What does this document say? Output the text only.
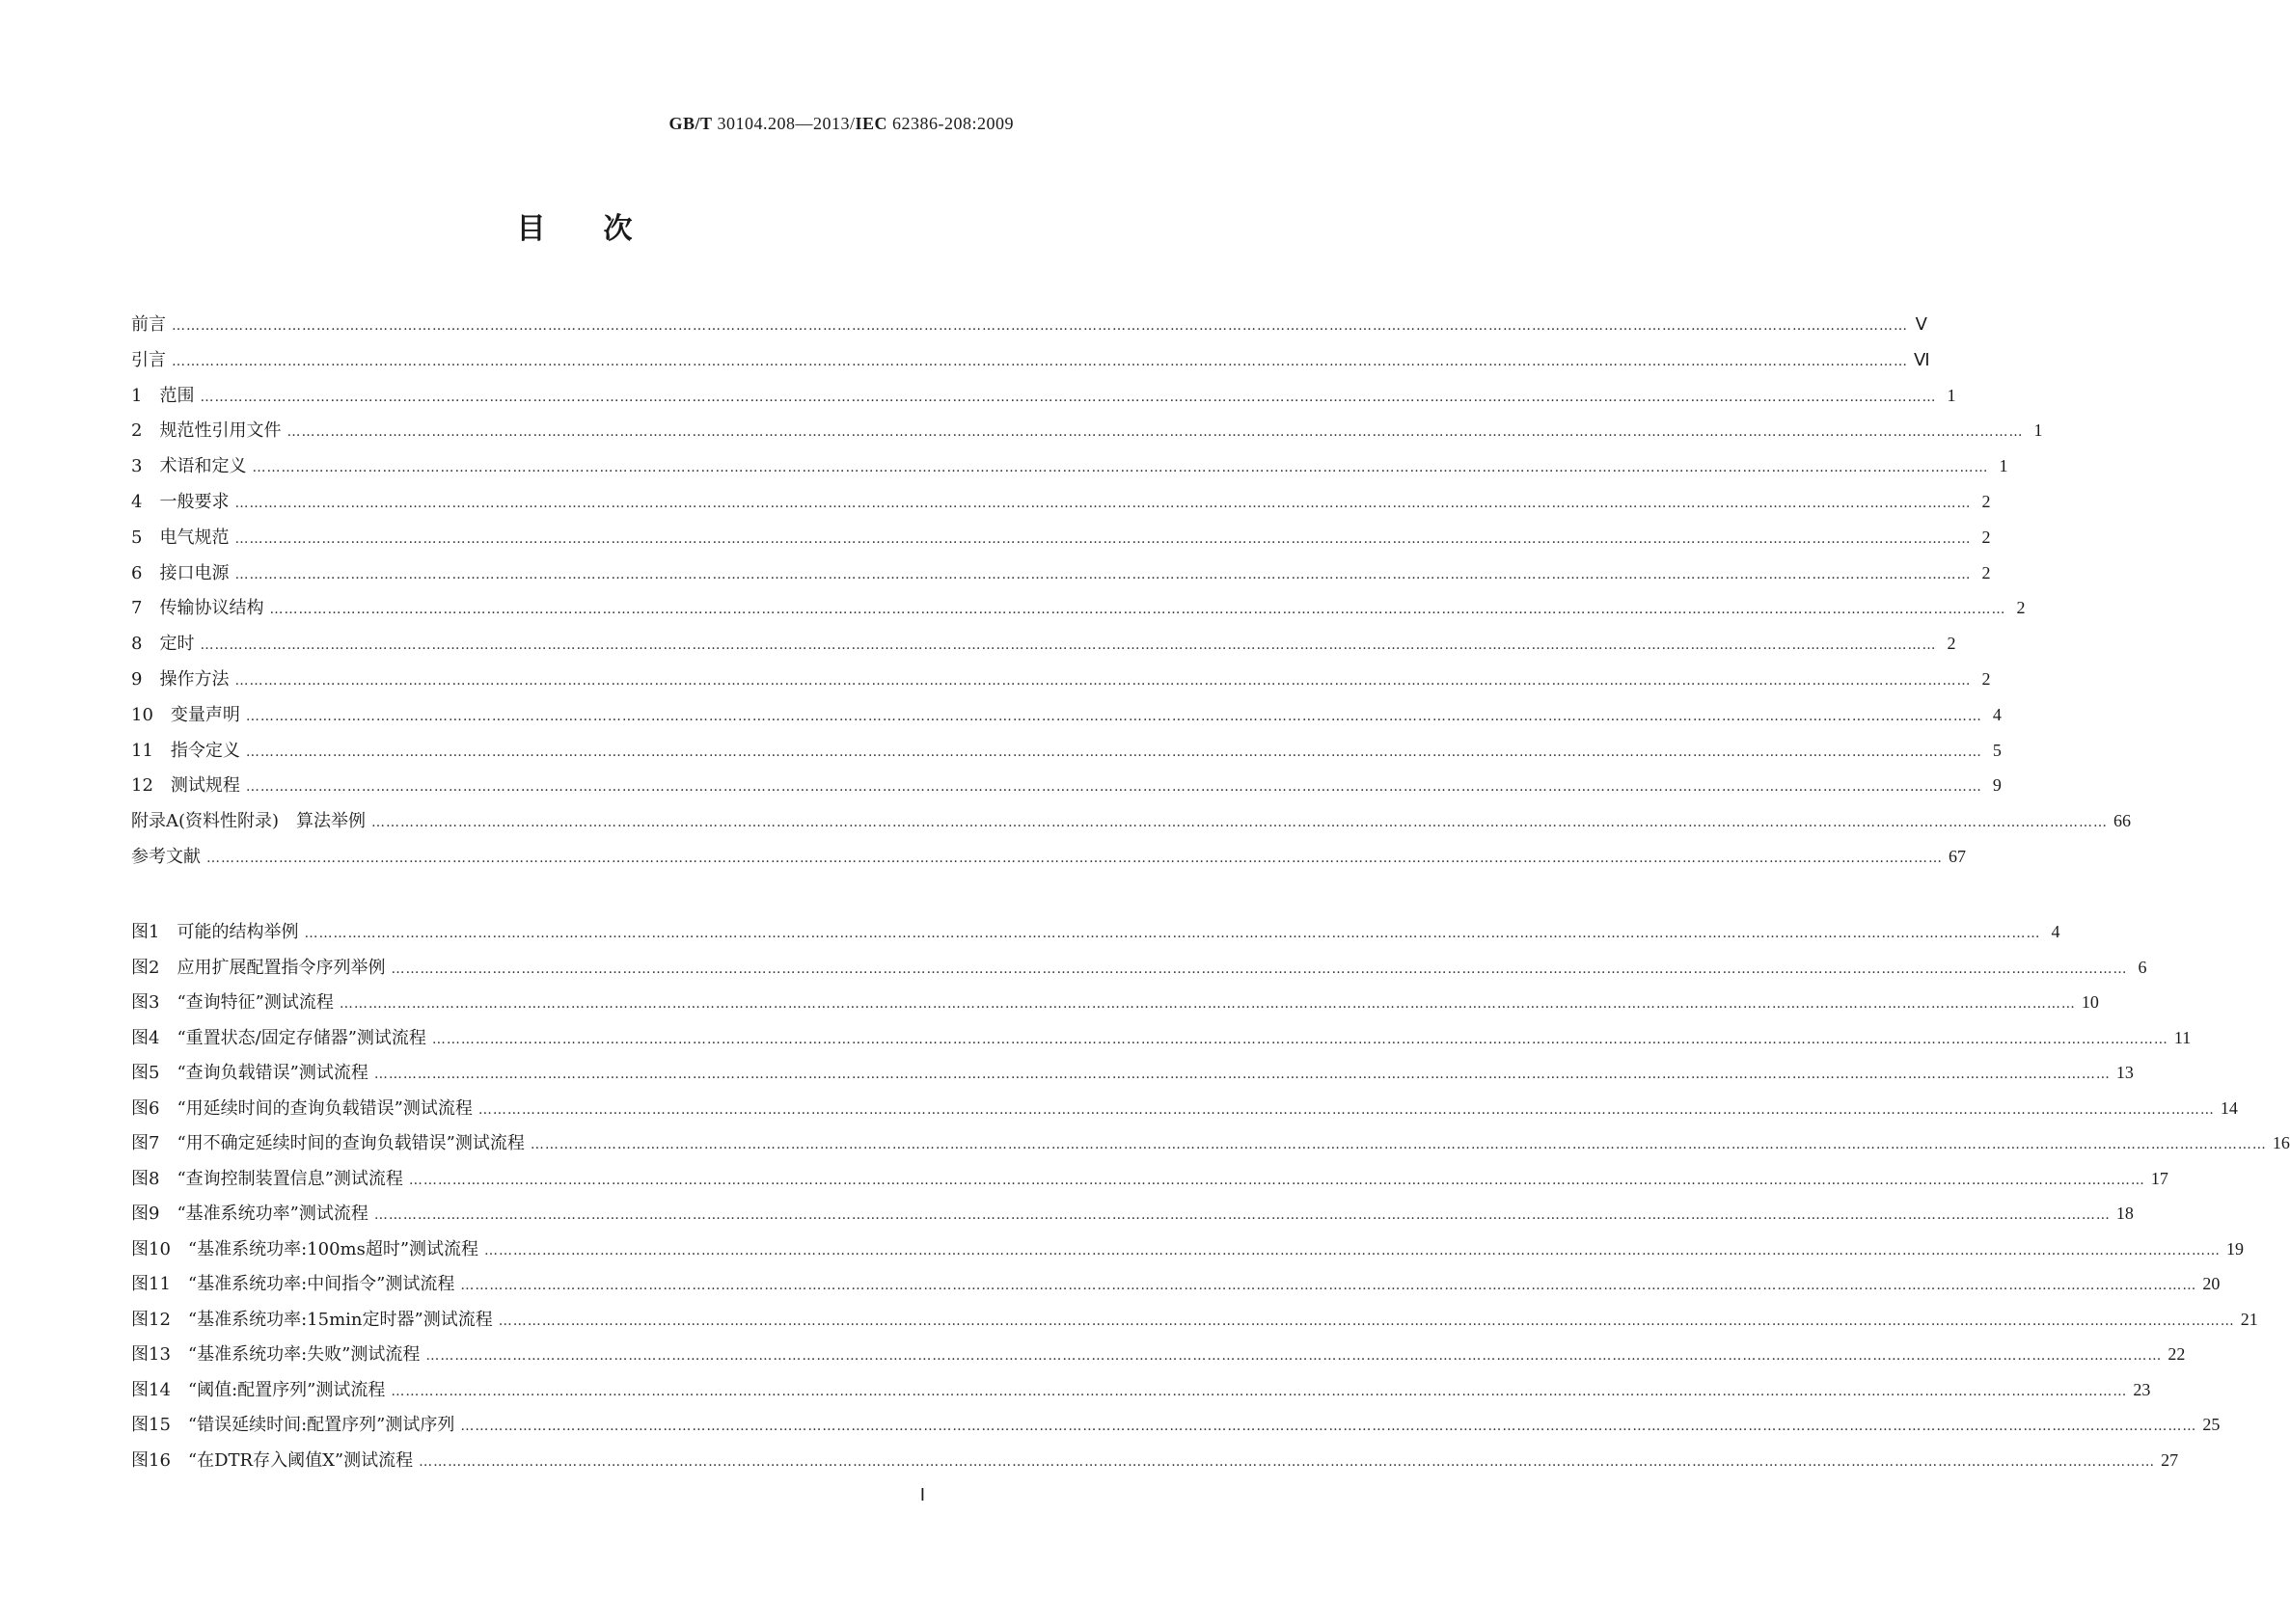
GB/T 30104.208—2013/IEC 62386-208:2009
目次
前言 ……………………………………………………………………………………………………………………………………………………………………………………………………………………………………………………………………………………………………………………………… Ⅴ
引言 ……………………………………………………………………………………………………………………………………………………………………………………………………………………………………………………………………………………………………………………………… Ⅵ
1　范围 ……………………………………………………………………………………………………………………………………………………………………………………………………………………………………………………………………………………………………………………………… 1
2　规范性引用文件 ……………………………………………………………………………………………………………………………………………………………………………………………………………………………………………………………………………………………………………………………… 1
3　术语和定义 ……………………………………………………………………………………………………………………………………………………………………………………………………………………………………………………………………………………………………………………………… 1
4　一般要求 ……………………………………………………………………………………………………………………………………………………………………………………………………………………………………………………………………………………………………………………………… 2
5　电气规范 ……………………………………………………………………………………………………………………………………………………………………………………………………………………………………………………………………………………………………………………………… 2
6　接口电源 ……………………………………………………………………………………………………………………………………………………………………………………………………………………………………………………………………………………………………………………………… 2
7　传输协议结构 ……………………………………………………………………………………………………………………………………………………………………………………………………………………………………………………………………………………………………………………………… 2
8　定时 ……………………………………………………………………………………………………………………………………………………………………………………………………………………………………………………………………………………………………………………………… 2
9　操作方法 ……………………………………………………………………………………………………………………………………………………………………………………………………………………………………………………………………………………………………………………………… 2
10　变量声明 ……………………………………………………………………………………………………………………………………………………………………………………………………………………………………………………………………………………………………………………………… 4
11　指令定义 ……………………………………………………………………………………………………………………………………………………………………………………………………………………………………………………………………………………………………………………………… 5
12　测试规程 ……………………………………………………………………………………………………………………………………………………………………………………………………………………………………………………………………………………………………………………………… 9
附录A(资料性附录)　算法举例 ……………………………………………………………………………………………………………………………………………………………………………………………………………………………………………………………………………………………………………………………… 66
参考文献 ……………………………………………………………………………………………………………………………………………………………………………………………………………………………………………………………………………………………………………………………… 67
图1　可能的结构举例 ……………………………………………………………………………………………………………………………………………………………………………………………………………………………………………………………………………………………………………………………… 4
图2　应用扩展配置指令序列举例 ……………………………………………………………………………………………………………………………………………………………………………………………………………………………………………………………………………………………………………………………… 6
图3　“查询特征”测试流程 ……………………………………………………………………………………………………………………………………………………………………………………………………………………………………………………………………………………………………………………………… 10
图4　“重置状态/固定存储器”测试流程 ……………………………………………………………………………………………………………………………………………………………………………………………………………………………………………………………………………………………………………………………… 11
图5　“查询负载错误”测试流程 ……………………………………………………………………………………………………………………………………………………………………………………………………………………………………………………………………………………………………………………………… 13
图6　“用延续时间的查询负载错误”测试流程 ……………………………………………………………………………………………………………………………………………………………………………………………………………………………………………………………………………………………………………………………… 14
图7　“用不确定延续时间的查询负载错误”测试流程 ……………………………………………………………………………………………………………………………………………………………………………………………………………………………………………………………………………………………………………………………… 16
图8　“查询控制装置信息”测试流程 ……………………………………………………………………………………………………………………………………………………………………………………………………………………………………………………………………………………………………………………………… 17
图9　“基准系统功率”测试流程 ……………………………………………………………………………………………………………………………………………………………………………………………………………………………………………………………………………………………………………………………… 18
图10　“基准系统功率:100ms超时”测试流程 ……………………………………………………………………………………………………………………………………………………………………………………………………………………………………………………………………………………………………………………………… 19
图11　“基准系统功率:中间指令”测试流程 ……………………………………………………………………………………………………………………………………………………………………………………………………………………………………………………………………………………………………………………………… 20
图12　“基准系统功率:15min定时器”测试流程 ……………………………………………………………………………………………………………………………………………………………………………………………………………………………………………………………………………………………………………………………… 21
图13　“基准系统功率:失败”测试流程 ……………………………………………………………………………………………………………………………………………………………………………………………………………………………………………………………………………………………………………………………… 22
图14　“阈值:配置序列”测试流程 ……………………………………………………………………………………………………………………………………………………………………………………………………………………………………………………………………………………………………………………………… 23
图15　“错误延续时间:配置序列”测试序列 ……………………………………………………………………………………………………………………………………………………………………………………………………………………………………………………………………………………………………………………………… 25
图16　“在DTR存入阈值X”测试流程 ……………………………………………………………………………………………………………………………………………………………………………………………………………………………………………………………………………………………………………………………… 27
Ⅰ
